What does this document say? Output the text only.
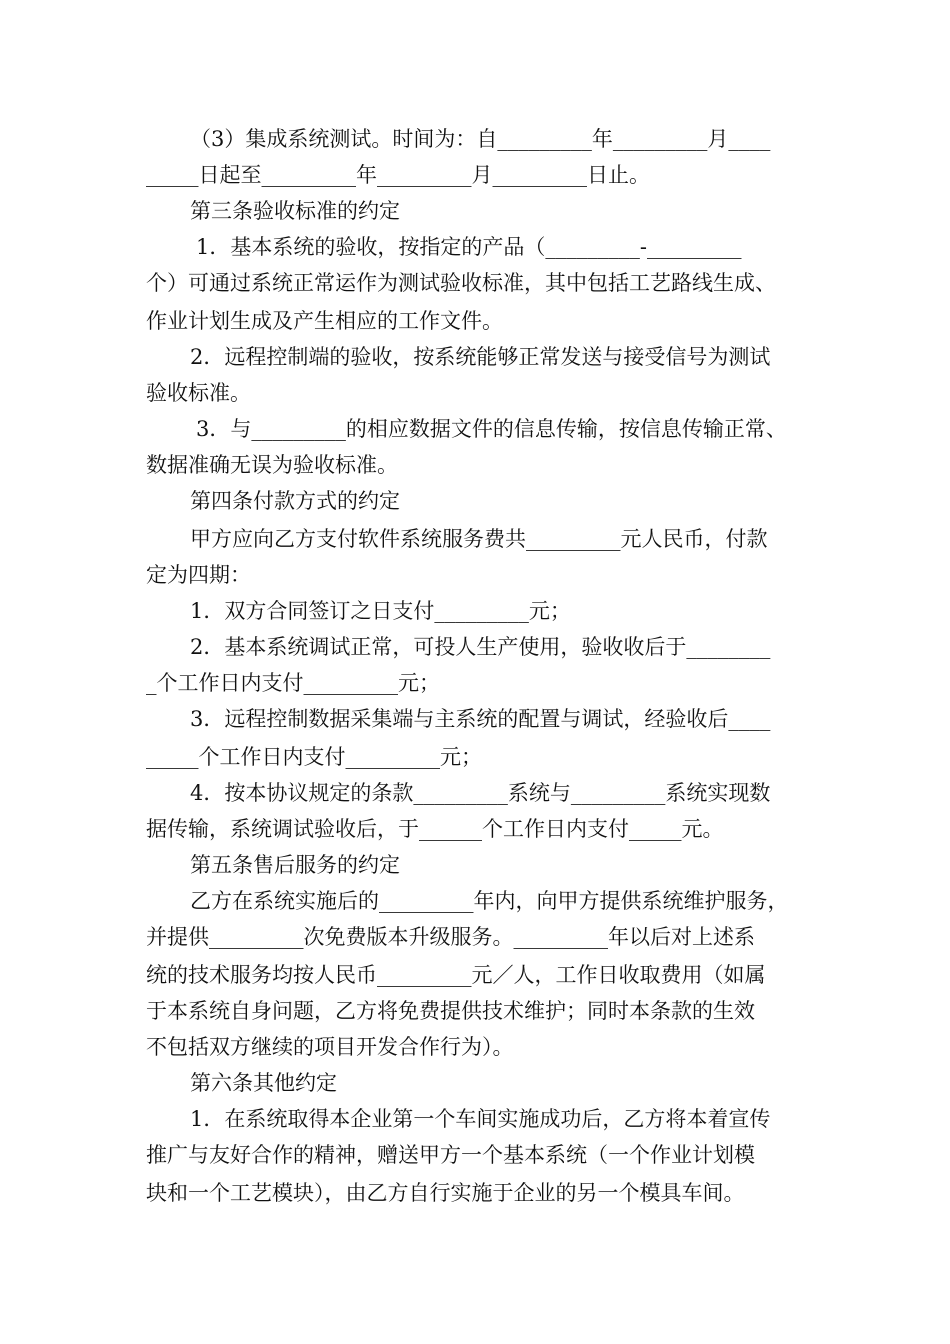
（3）集成系统测试。时间为：自_________年_________月____

_____日起至_________年_________月_________日止。

第三条验收标准的约定

1．基本系统的验收，按指定的产品（_________-_________

个）可通过系统正常运作为测试验收标准，其中包括工艺路线生成、

作业计划生成及产生相应的工作文件。

2．远程控制端的验收，按系统能够正常发送与接受信号为测试

验收标准。

3．与_________的相应数据文件的信息传输，按信息传输正常、

数据准确无误为验收标准。

第四条付款方式的约定

甲方应向乙方支付软件系统服务费共_________元人民币，付款

定为四期：

1．双方合同签订之日支付_________元；

2．基本系统调试正常，可投人生产使用，验收收后于________

_个工作日内支付_________元；

3．远程控制数据采集端与主系统的配置与调试，经验收后____

_____个工作日内支付_________元；

4．按本协议规定的条款_________系统与_________系统实现数

据传输，系统调试验收后，于______个工作日内支付_____元。

第五条售后服务的约定

乙方在系统实施后的_________年内，向甲方提供系统维护服务，

并提供_________次免费版本升级服务。_________年以后对上述系

统的技术服务均按人民币_________元／人，工作日收取费用（如属

于本系统自身问题，乙方将免费提供技术维护；同时本条款的生效

不包括双方继续的项目开发合作行为）。

第六条其他约定

1．在系统取得本企业第一个车间实施成功后，乙方将本着宣传

推广与友好合作的精神，赠送甲方一个基本系统（一个作业计划模

块和一个工艺模块），由乙方自行实施于企业的另一个模具车间。
